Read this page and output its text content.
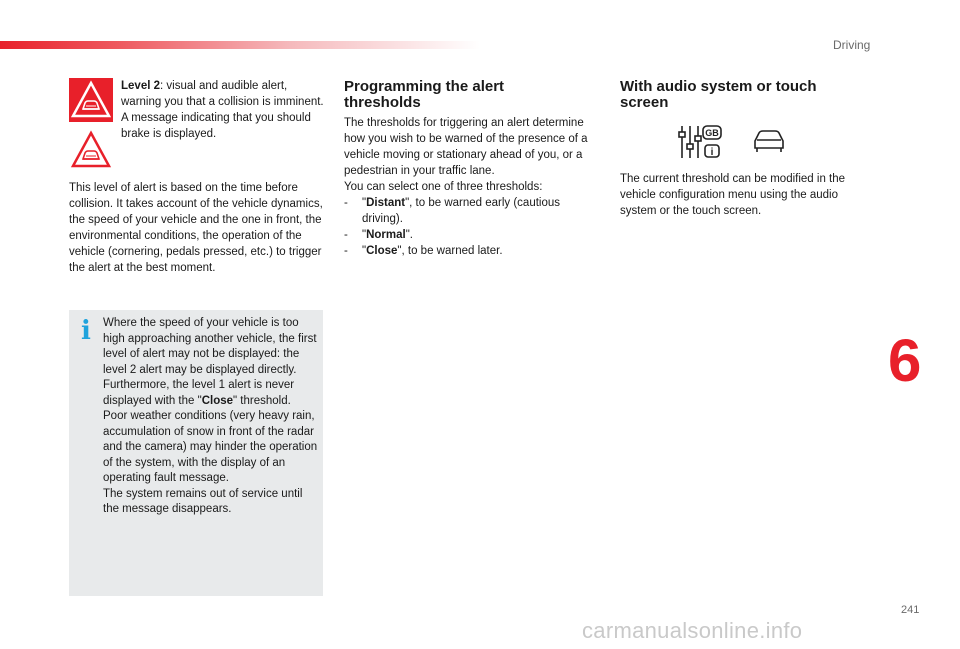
Driving

Level 2: visual and audible alert, warning you that a collision is imminent.

A message indicating that you should brake is displayed.

This level of alert is based on the time before collision. It takes account of the vehicle dynamics, the speed of your vehicle and the one in front, the environmental conditions, the operation of the vehicle (cornering, pedals pressed, etc.) to trigger the alert at the best moment.

i Where the speed of your vehicle is too high approaching another vehicle, the first level of alert may not be displayed: the level 2 alert may be displayed directly.

Furthermore, the level 1 alert is never displayed with the "Close" threshold.

Poor weather conditions (very heavy rain, accumulation of snow in front of the radar and the camera) may hinder the operation of the system, with the display of an operating fault message.

The system remains out of service until the message disappears.

Programming the alert thresholds

The thresholds for triggering an alert determine how you wish to be warned of the presence of a vehicle moving or stationary ahead of you, or a pedestrian in your traffic lane.

You can select one of three thresholds:

-	"Distant", to be warned early (cautious driving).
-	"Normal".
-	"Close", to be warned later.
With audio system or touch screen
GB
i

The current threshold can be modified in the vehicle configuration menu using the audio system or the touch screen.

6
241
carmanualsonline.info
